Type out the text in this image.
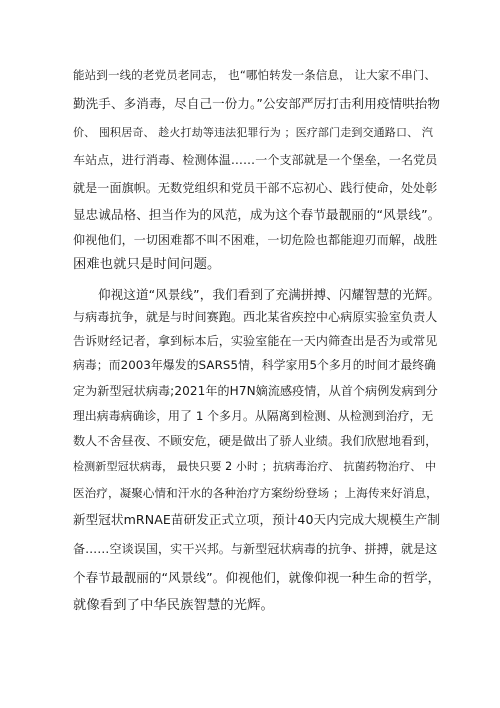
能站到一线的老党员老同志， 也“哪怕转发一条信息， 让大家不串门、
勤洗手、多消毒，尽自己一份力。”公安部严厉打击利用疫情哄抬物
价、 囤积居奇、 趁火打劫等违法犯罪行为 ；医疗部门走到交通路口、 汽
车站点，进行消毒、检测体温……一个支部就是一个堡垒，一名党员
就是一面旗帜。无数党组织和党员干部不忘初心、践行使命，处处彰
显忠诚品格、担当作为的风范，成为这个春节最靓丽的“风景线”。
仰视他们，一切困难都不叫不困难，一切危险也都能迎刃而解，战胜
困难也就只是时间问题。
仰视这道“风景线”，我们看到了充满拼搏、闪耀智慧的光辉。
与病毒抗争，就是与时间赛跑。西北某省疾控中心病原实验室负责人
告诉财经记者，拿到标本后，实验室能在一天内筛查出是否为或常见
病毒；而2003年爆发的SARS5情，科学家用5个多月的时间才最终确
定为新型冠状病毒;2021年的H7N嫡流感疫情，从首个病例发病到分
理出病毒病确诊，用了 1 个多月。从隔离到检测、从检测到治疗，无
数人不舍昼夜、不顾安危，硬是做出了骄人业绩。我们欣慰地看到，
检测新型冠状病毒， 最快只要 2 小时 ；抗病毒治疗、 抗菌药物治疗、 中
医治疗，凝聚心情和汗水的各种治疗方案纷纷登场 ；上海传来好消息，
新型冠状mRNAE苗研发正式立项，预计40天内完成大规模生产制
备……空谈误国，实干兴邦。与新型冠状病毒的抗争、拼搏，就是这
个春节最靓丽的“风景线”。仰视他们，就像仰视一种生命的哲学，
就像看到了中华民族智慧的光辉。
